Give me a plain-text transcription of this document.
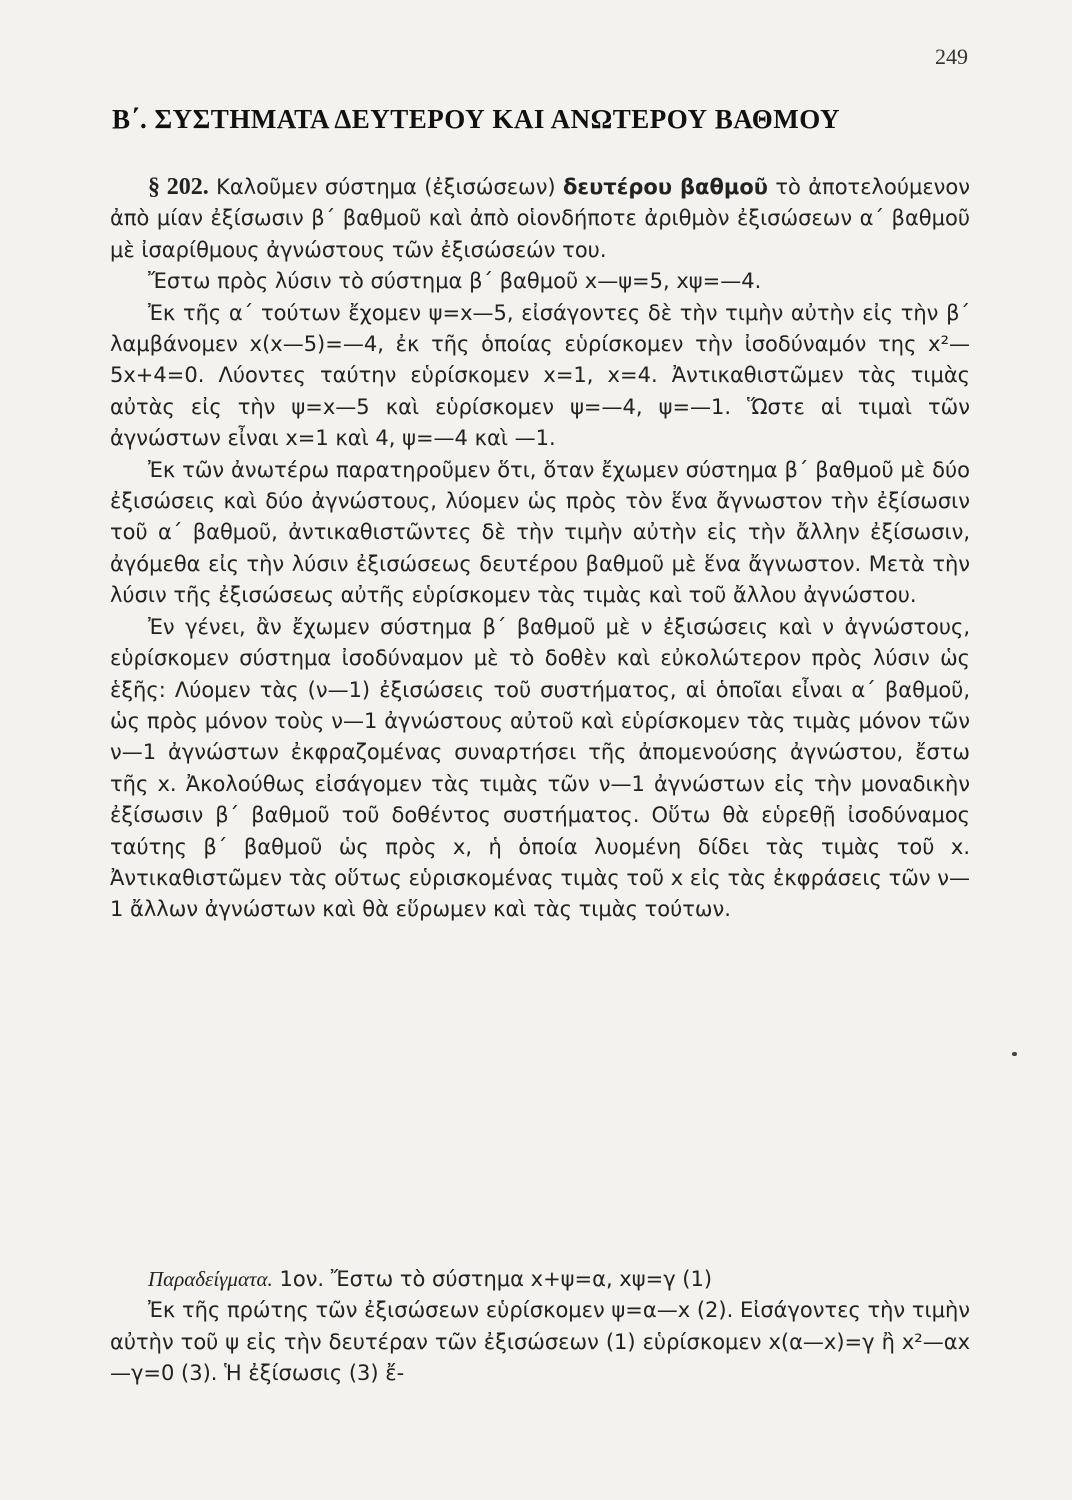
249
Β΄. ΣΥΣΤΗΜΑΤΑ ΔΕΥΤΕΡΟΥ ΚΑΙ ΑΝΩΤΕΡΟΥ ΒΑΘΜΟΥ

§ 202. Καλοῦμεν σύστημα (ἐξισώσεων) δευτέρου βαθμοῦ τὸ ἀποτελούμενον ἀπὸ μίαν ἐξίσωσιν β΄ βαθμοῦ καὶ ἀπὸ οἱονδήποτε ἀριθμὸν ἐξισώσεων α΄ βαθμοῦ μὲ ἰσαρίθμους ἀγνώστους τῶν ἐξισώσεών του.

Ἔστω πρὸς λύσιν τὸ σύστημα β΄ βαθμοῦ x—ψ=5, xψ=—4.

Ἐκ τῆς α΄ τούτων ἔχομεν ψ=x—5, εἰσάγοντες δὲ τὴν τιμὴν αὐτὴν εἰς τὴν β΄ λαμβάνομεν x(x—5)=—4, ἐκ τῆς ὁποίας εὑρίσκομεν τὴν ἰσοδύναμόν της x²—5x+4=0. Λύοντες ταύτην εὑρίσκομεν x=1, x=4. Ἀντικαθιστῶμεν τὰς τιμὰς αὐτὰς εἰς τὴν ψ=x—5 καὶ εὑρίσκομεν ψ=—4, ψ=—1. Ὥστε αἱ τιμαὶ τῶν ἀγνώστων εἶναι x=1 καὶ 4, ψ=—4 καὶ —1.

Ἐκ τῶν ἀνωτέρω παρατηροῦμεν ὅτι, ὅταν ἔχωμεν σύστημα β΄ βαθμοῦ μὲ δύο ἐξισώσεις καὶ δύο ἀγνώστους, λύομεν ὡς πρὸς τὸν ἕνα ἄγνωστον τὴν ἐξίσωσιν τοῦ α΄ βαθμοῦ, ἀντικαθιστῶντες δὲ τὴν τιμὴν αὐτὴν εἰς τὴν ἄλλην ἐξίσωσιν, ἀγόμεθα εἰς τὴν λύσιν ἐξισώσεως δευτέρου βαθμοῦ μὲ ἕνα ἄγνωστον. Μετὰ τὴν λύσιν τῆς ἐξισώσεως αὐτῆς εὑρίσκομεν τὰς τιμὰς καὶ τοῦ ἄλλου ἀγνώστου.

Ἐν γένει, ἂν ἔχωμεν σύστημα β΄ βαθμοῦ μὲ ν ἐξισώσεις καὶ ν ἀγνώστους, εὑρίσκομεν σύστημα ἰσοδύναμον μὲ τὸ δοθὲν καὶ εὐκολώτερον πρὸς λύσιν ὡς ἑξῆς: Λύομεν τὰς (ν—1) ἐξισώσεις τοῦ συστήματος, αἱ ὁποῖαι εἶναι α΄ βαθμοῦ, ὡς πρὸς μόνον τοὺς ν—1 ἀγνώστους αὐτοῦ καὶ εὑρίσκομεν τὰς τιμὰς μόνον τῶν ν—1 ἀγνώστων ἐκφραζομένας συναρτήσει τῆς ἀπομενούσης ἀγνώστου, ἔστω τῆς x. Ἀκολούθως εἰσάγομεν τὰς τιμὰς τῶν ν—1 ἀγνώστων εἰς τὴν μοναδικὴν ἐξίσωσιν β΄ βαθμοῦ τοῦ δοθέντος συστήματος. Οὕτω θὰ εὑρεθῇ ἰσοδύναμος ταύτης β΄ βαθμοῦ ὡς πρὸς x, ἡ ὁποία λυομένη δίδει τὰς τιμὰς τοῦ x. Ἀντικαθιστῶμεν τὰς οὕτως εὑρισκομένας τιμὰς τοῦ x εἰς τὰς ἐκφράσεις τῶν ν—1 ἄλλων ἀγνώστων καὶ θὰ εὕρωμεν καὶ τὰς τιμὰς τούτων.

Παραδείγματα. 1ον. Ἔστω τὸ σύστημα x+ψ=α, xψ=γ (1)

Ἐκ τῆς πρώτης τῶν ἐξισώσεων εὑρίσκομεν ψ=α—x (2). Εἰσάγοντες τὴν τιμὴν αὐτὴν τοῦ ψ εἰς τὴν δευτέραν τῶν ἐξισώσεων (1) εὑρίσκομεν x(α—x)=γ ἢ x²—αx—γ=0 (3). Ἡ ἐξίσωσις (3) ἔ-
